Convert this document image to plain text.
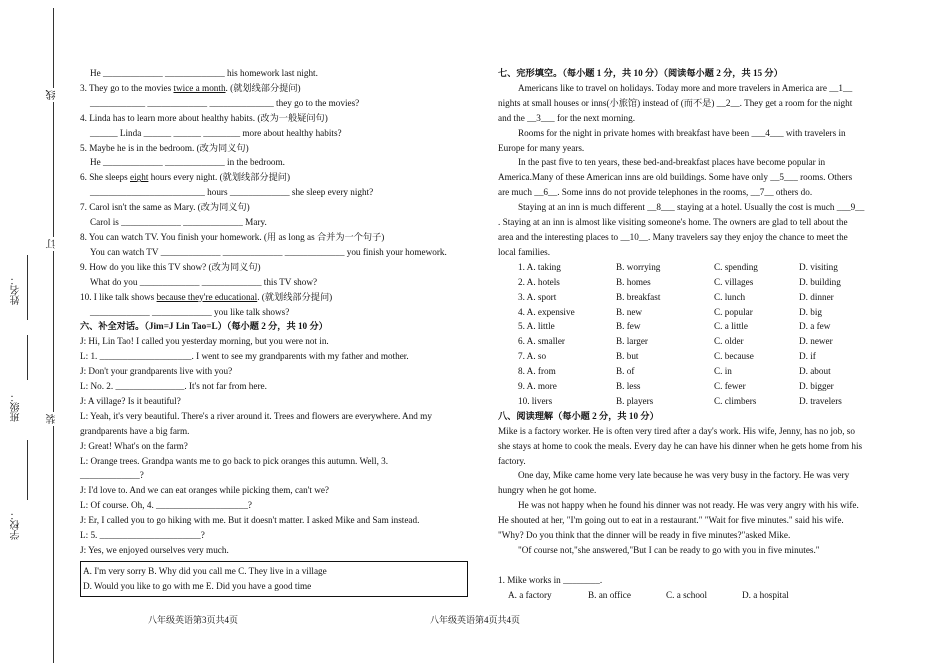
线
订
装
姓名：
班级：
学校：
He _____________ _____________ his homework last night.
3. They go to the movies twice a month. (就划线部分提问)
____________ _____________ ______________ they go to the movies?
4. Linda has to learn more about healthy habits. (改为一般疑问句)
______ Linda ______ ______ ________ more about healthy habits?
5. Maybe he is in the bedroom. (改为同义句)
He _____________ _____________ in the bedroom.
6. She sleeps eight hours every night. (就划线部分提问)
_________________________ hours _____________ she sleep every night?
7. Carol isn't the same as Mary. (改为同义句)
Carol is _____________ _____________ Mary.
8. You can watch TV. You finish your homework. (用 as long as 合并为一个句子)
You can watch TV _____________ _____________ _____________ you finish your homework.
9. How do you like this TV show? (改为同义句)
What do you _____________ _____________ this TV show?
10. I like talk shows because they're educational. (就划线部分提问)
_____________ _____________ you like talk shows?
六、补全对话。（Jim=J Lin Tao=L）（每小题 2 分，共 10 分）
J: Hi, Lin Tao! I called you yesterday morning, but you were not in.
L: 1. ____________________. I went to see my grandparents with my father and mother.
J: Don't your grandparents live with you?
L: No. 2. _______________. It's not far from here.
J: A village? Is it beautiful?
L: Yeah, it's very beautiful. There's a river around it. Trees and flowers are everywhere. And my
grandparents have a big farm.
J: Great! What's on the farm?
L: Orange trees. Grandpa wants me to go back to pick oranges this autumn. Well, 3.
_____________?
J: I'd love to. And we can eat oranges while picking them, can't we?
L: Of course. Oh, 4. ____________________?
J: Er, I called you to go hiking with me. But it doesn't matter. I asked Mike and Sam instead.
L: 5. ______________________?
J: Yes, we enjoyed ourselves very much.
A. I'm very sorry B. Why did you call me C. They live in a village
D. Would you like to go with me E. Did you have a good time
七、完形填空。（每小题 1 分，共 10 分）（阅读每小题 2 分，共 15 分）
Americans like to travel on holidays. Today more and more travelers in America are __1__
nights at small houses or inns(小旅馆) instead of (而不是) __2__. They get a room for the night
and the __3___ for the next morning.
Rooms for the night in private homes with breakfast have been ___4___ with travelers in
Europe for many years.
In the past five to ten years, these bed-and-breakfast places have become popular in
America.Many of these American inns are old buildings. Some have only __5___ rooms. Others
are much __6__. Some inns do not provide telephones in the rooms, __7__ others do.
Staying at an inn is much different __8___ staying at a hotel. Usually the cost is much ___9__
. Staying at an inn is almost like visiting someone's home. The owners are glad to tell about the
area and the interesting places to __10__. Many travelers say they enjoy the chance to meet the
local families.
1. A. taking	B. worrying	C. spending	D. visiting
2. A. hotels	B. homes	C. villages	D. building
3. A. sport	B. breakfast	C. lunch	D. dinner
4. A. expensive	B. new	C. popular	D. big
5. A. little	B. few	C. a little	D. a few
6. A. smaller	B. larger	C. older	D. newer
7. A. so	B. but	C. because	D. if
8. A. from	B. of	C. in	D. about
9. A. more	B. less	C. fewer	D. bigger
10. livers	B. players	C. climbers	D. travelers
八、阅读理解（每小题 2 分，共 10 分）
Mike is a factory worker. He is often very tired after a day's work. His wife, Jenny, has no job, so
she stays at home to cook the meals. Every day he can have his dinner when he gets home from his
factory.
One day, Mike came home very late because he was very busy in the factory. He was very
hungry when he got home.
He was not happy when he found his dinner was not ready. He was very angry with his wife.
He shouted at her, "I'm going out to eat in a restaurant." "Wait for five minutes." said his wife.
"Why? Do you think that the dinner will be ready in five minutes?"asked Mike.
"Of course not,"she answered,"But I can be ready to go with you in five minutes."
1. Mike works in ________.
A. a factory	B. an office	C. a school	D. a hospital
八年级英语第3页共4页	八年级英语第4页共4页
